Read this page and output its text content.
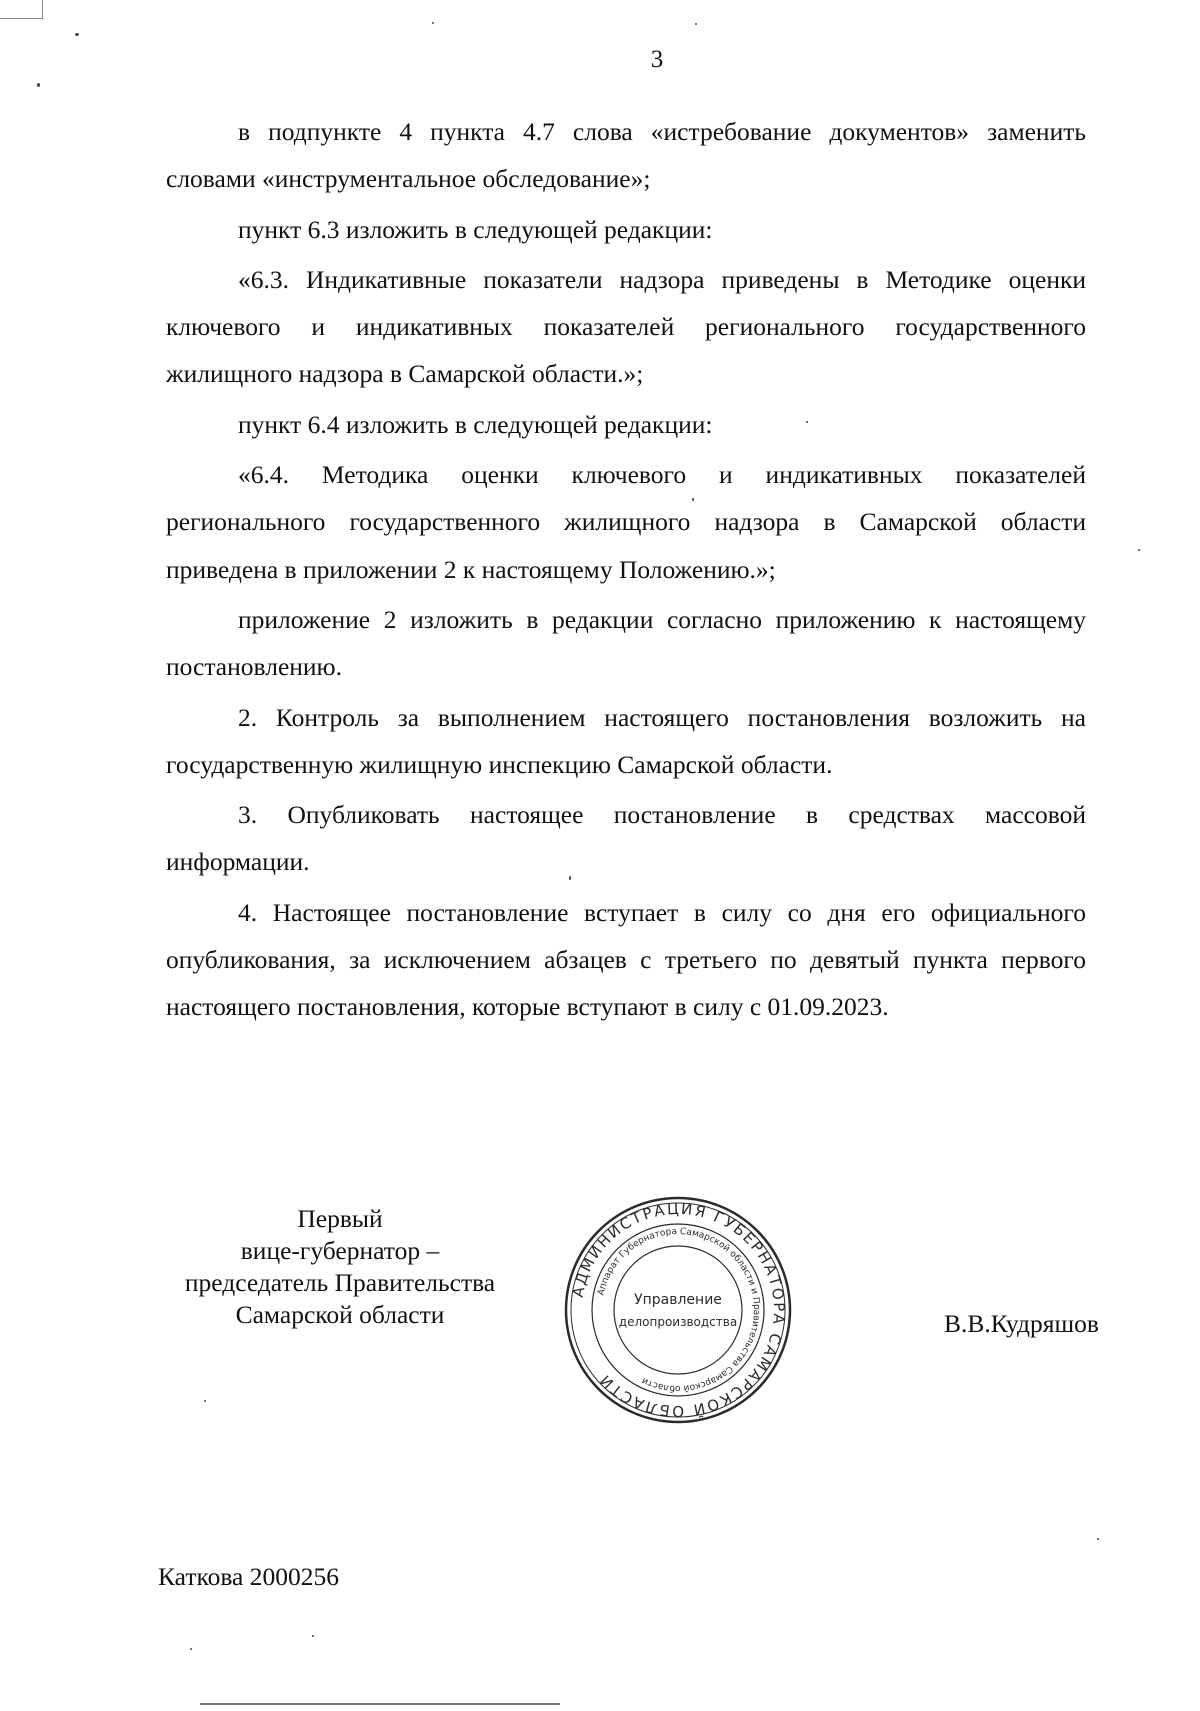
3

в подпункте 4 пункта 4.7 слова «истребование документов» заменить словами «инструментальное обследование»;

пункт 6.3 изложить в следующей редакции:

«6.3. Индикативные показатели надзора приведены в Методике оценки ключевого и индикативных показателей регионального государственного жилищного надзора в Самарской области.»;

пункт 6.4 изложить в следующей редакции:

«6.4. Методика оценки ключевого и индикативных показателей регионального государственного жилищного надзора в Самарской области приведена в приложении 2 к настоящему Положению.»;

приложение 2 изложить в редакции согласно приложению к настоящему постановлению.

2. Контроль за выполнением настоящего постановления возложить на государственную жилищную инспекцию Самарской области.

3. Опубликовать настоящее постановление в средствах массовой информации.

4. Настоящее постановление вступает в силу со дня его официального опубликования, за исключением абзацев с третьего по девятый пункта первого настоящего постановления, которые вступают в силу с 01.09.2023.

Первый
вице-губернатор –
председатель Правительства
Самарской области
АДМИНИСТРАЦИЯ ГУБЕРНАТОРА САМАРСКОЙ ОБЛАСТИ
Аппарат Губернатора Самарской области и Правительства Самарской области
Управление
делопроизводства	В.В.Кудряшов
Каткова 2000256
